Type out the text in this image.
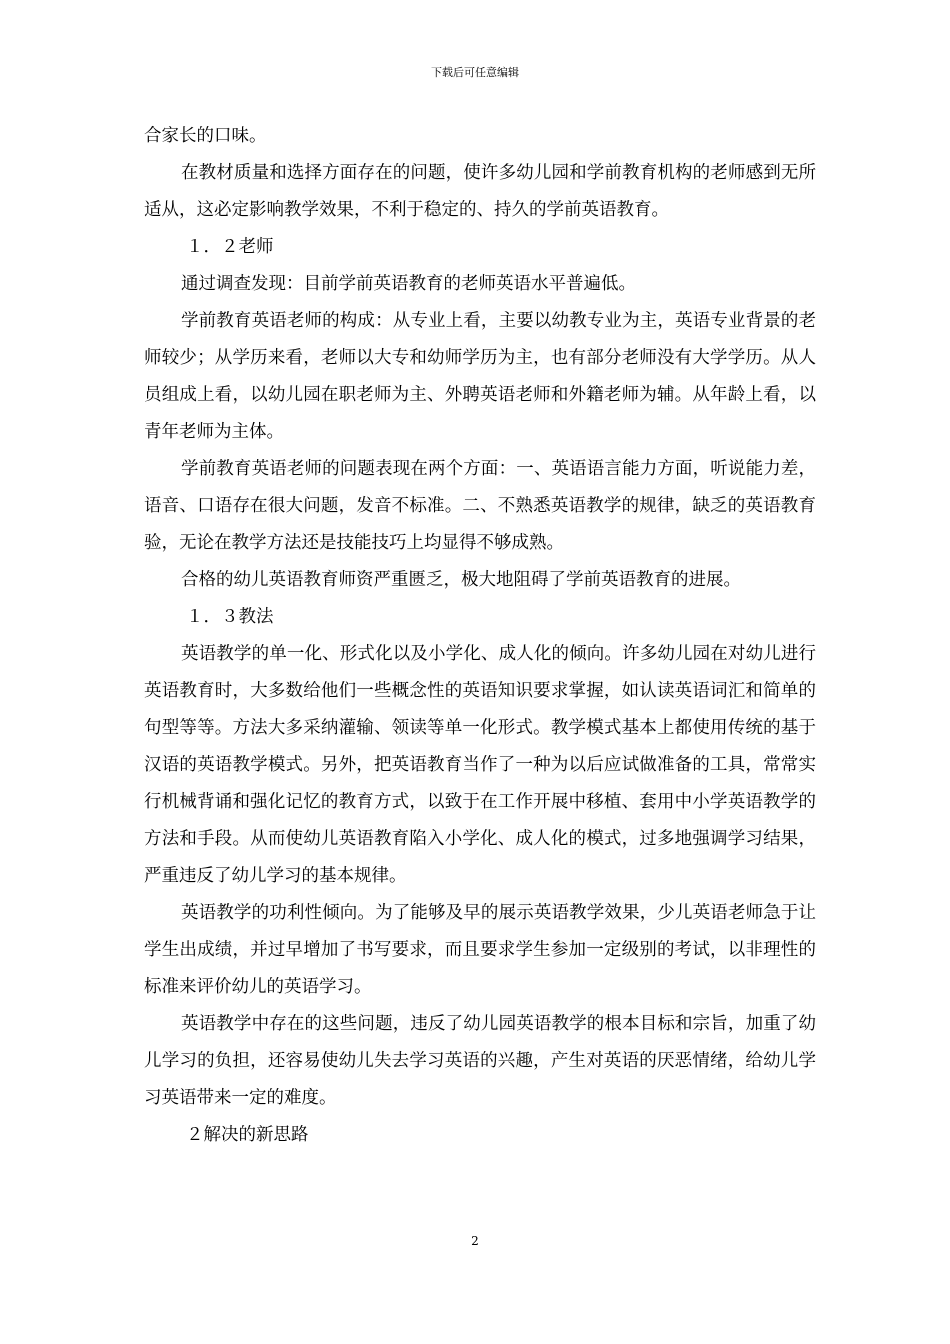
下载后可任意编辑

合家长的口味。

在教材质量和选择方面存在的问题，使许多幼儿园和学前教育机构的老师感到无所适从，这必定影响教学效果，不利于稳定的、持久的学前英语教育。

１．２老师

通过调查发现：目前学前英语教育的老师英语水平普遍低。

学前教育英语老师的构成：从专业上看，主要以幼教专业为主，英语专业背景的老师较少；从学历来看，老师以大专和幼师学历为主，也有部分老师没有大学学历。从人员组成上看，以幼儿园在职老师为主、外聘英语老师和外籍老师为辅。从年龄上看，以青年老师为主体。

学前教育英语老师的问题表现在两个方面：一、英语语言能力方面，听说能力差，语音、口语存在很大问题，发音不标准。二、不熟悉英语教学的规律，缺乏的英语教育验，无论在教学方法还是技能技巧上均显得不够成熟。

合格的幼儿英语教育师资严重匮乏，极大地阻碍了学前英语教育的进展。

１．３教法

英语教学的单一化、形式化以及小学化、成人化的倾向。许多幼儿园在对幼儿进行英语教育时，大多数给他们一些概念性的英语知识要求掌握，如认读英语词汇和简单的句型等等。方法大多采纳灌输、领读等单一化形式。教学模式基本上都使用传统的基于汉语的英语教学模式。另外，把英语教育当作了一种为以后应试做准备的工具，常常实行机械背诵和强化记忆的教育方式，以致于在工作开展中移植、套用中小学英语教学的方法和手段。从而使幼儿英语教育陷入小学化、成人化的模式，过多地强调学习结果，严重违反了幼儿学习的基本规律。

英语教学的功利性倾向。为了能够及早的展示英语教学效果，少儿英语老师急于让学生出成绩，并过早增加了书写要求，而且要求学生参加一定级别的考试，以非理性的标准来评价幼儿的英语学习。

英语教学中存在的这些问题，违反了幼儿园英语教学的根本目标和宗旨，加重了幼儿学习的负担，还容易使幼儿失去学习英语的兴趣，产生对英语的厌恶情绪，给幼儿学习英语带来一定的难度。

２解决的新思路

2
